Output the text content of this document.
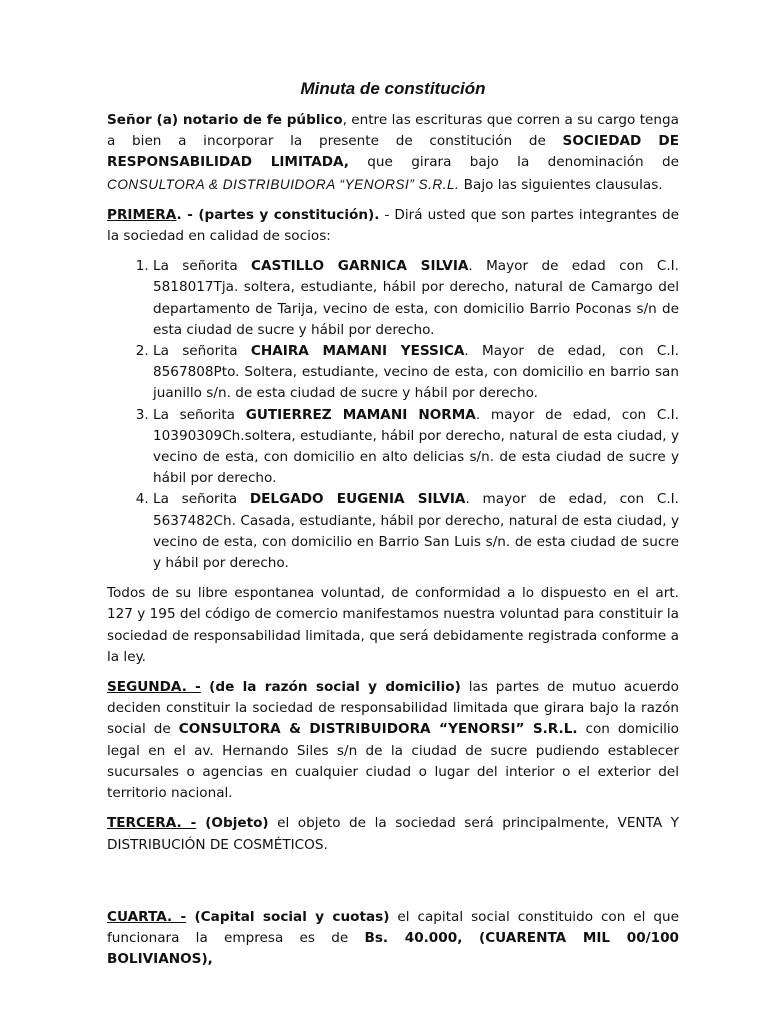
Minuta de constitución

Señor (a) notario de fe público, entre las escrituras que corren a su cargo tenga a bien a incorporar la presente de constitución de SOCIEDAD DE RESPONSABILIDAD LIMITADA, que girara bajo la denominación de CONSULTORA & DISTRIBUIDORA “YENORSI” S.R.L. Bajo las siguientes clausulas.

PRIMERA. - (partes y constitución). - Dirá usted que son partes integrantes de la sociedad en calidad de socios:

1. La señorita CASTILLO GARNICA SILVIA. Mayor de edad con C.I. 5818017Tja. soltera, estudiante, hábil por derecho, natural de Camargo del departamento de Tarija, vecino de esta, con domicilio Barrio Poconas s/n de esta ciudad de sucre y hábil por derecho.
2. La señorita CHAIRA MAMANI YESSICA. Mayor de edad, con C.I. 8567808Pto. Soltera, estudiante, vecino de esta, con domicilio en barrio san juanillo s/n. de esta ciudad de sucre y hábil por derecho.
3. La señorita GUTIERREZ MAMANI NORMA. mayor de edad, con C.I. 10390309Ch.soltera, estudiante, hábil por derecho, natural de esta ciudad, y vecino de esta, con domicilio en alto delicias s/n. de esta ciudad de sucre y hábil por derecho.
4. La señorita DELGADO EUGENIA SILVIA. mayor de edad, con C.I. 5637482Ch. Casada, estudiante, hábil por derecho, natural de esta ciudad, y vecino de esta, con domicilio en Barrio San Luis s/n. de esta ciudad de sucre y hábil por derecho.

Todos de su libre espontanea voluntad, de conformidad a lo dispuesto en el art. 127 y 195 del código de comercio manifestamos nuestra voluntad para constituir la sociedad de responsabilidad limitada, que será debidamente registrada conforme a la ley.

SEGUNDA. - (de la razón social y domicilio) las partes de mutuo acuerdo deciden constituir la sociedad de responsabilidad limitada que girara bajo la razón social de CONSULTORA & DISTRIBUIDORA “YENORSI” S.R.L. con domicilio legal en el av. Hernando Siles s/n de la ciudad de sucre pudiendo establecer sucursales o agencias en cualquier ciudad o lugar del interior o el exterior del territorio nacional.

TERCERA. - (Objeto) el objeto de la sociedad será principalmente, VENTA Y DISTRIBUCIÓN DE COSMÉTICOS.

CUARTA. - (Capital social y cuotas) el capital social constituido con el que funcionara la empresa es de Bs. 40.000, (CUARENTA MIL 00/100 BOLIVIANOS),
